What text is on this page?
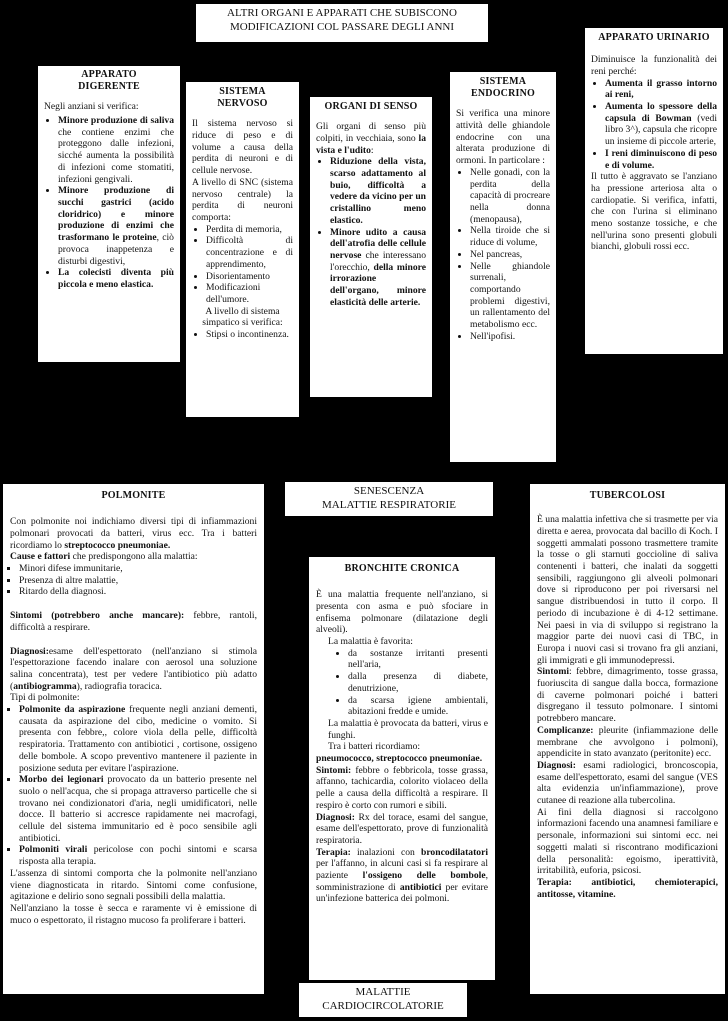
ALTRI ORGANI E APPARATI CHE SUBISCONO
MODIFICAZIONI COL PASSARE DEGLI ANNI
APPARATO
DIGERENTE

Negli anziani si verifica:

• Minore produzione di saliva che contiene enzimi che proteggono dalle infezioni, sicché aumenta la possibilità di infezioni come stomatiti, infezioni gengivali.
• Minore produzione di succhi gastrici (acido cloridrico) e minore produzione di enzimi che trasformano le proteine, ciò provoca inappetenza e disturbi digestivi,
• La colecisti diventa più piccola e meno elastica.
SISTEMA
NERVOSO

Il sistema nervoso si riduce di peso e di volume a causa della perdita di neuroni e di cellule nervose.

A livello di SNC (sistema nervoso centrale) la perdita di neuroni comporta:

• Perdita di memoria,
• Difficoltà di concentrazione e di apprendimento,
• Disorientamento
• Modificazioni dell'umore.

A livello di sistema simpatico si verifica:

• Stipsi o incontinenza.
ORGANI DI SENSO

Gli organi di senso più colpiti, in vecchiaia, sono la vista e l'udito:

• Riduzione della vista, scarso adattamento al buio, difficoltà a vedere da vicino per un cristallino meno elastico.
• Minore udito a causa dell'atrofia delle cellule nervose che interessano l'orecchio, della minore irrorazione dell'organo, minore elasticità delle arterie.
SISTEMA
ENDOCRINO

Si verifica una minore attività delle ghiandole endocrine con una alterata produzione di ormoni. In particolare :

• Nelle gonadi, con la perdita della capacità di procreare nella donna (menopausa),
• Nella tiroide che si riduce di volume,
• Nel pancreas,
• Nelle ghiandole surrenali, comportando problemi digestivi, un rallentamento del metabolismo ecc.
• Nell'ipofisi.
APPARATO URINARIO

Diminuisce la funzionalità dei reni perché:

• Aumenta il grasso intorno ai reni,
• Aumenta lo spessore della capsula di Bowman (vedi libro 3^), capsula che ricopre un insieme di piccole arterie,
• I reni diminuiscono di peso e di volume.

Il tutto è aggravato se l'anziano ha pressione arteriosa alta o cardiopatie. Si verifica, infatti, che con l'urina si eliminano meno sostanze tossiche, e che nell'urina sono presenti globuli bianchi, globuli rossi ecc.

SENESCENZA
MALATTIE RESPIRATORIE
POLMONITE

Con polmonite noi indichiamo diversi tipi di infiammazioni polmonari provocati da batteri, virus ecc. Tra i batteri ricordiamo lo streptococco pneumoniae.

Cause e fattori che predispongono alla malattia:

▪ Minori difese immunitarie,
▪ Presenza di altre malattie,
▪ Ritardo della diagnosi.

Sintomi (potrebbero anche mancare): febbre, rantoli, difficoltà a respirare.

Diagnosi:esame dell'espettorato (nell'anziano si stimola l'espettorazione facendo inalare con aerosol una soluzione salina concentrata), test per vedere l'antibiotico più adatto (antibiogramma), radiografia toracica.

Tipi di polmonite:

▪ Polmonite da aspirazione frequente negli anziani dementi, causata da aspirazione del cibo, medicine o vomito. Si presenta con febbre,, colore viola della pelle, difficoltà respiratoria. Trattamento con antibiotici , cortisone, ossigeno delle bombole. A scopo preventivo mantenere il paziente in posizione seduta per evitare l'aspirazione.
▪ Morbo dei legionari provocato da un batterio presente nel suolo o nell'acqua, che si propaga attraverso particelle che si trovano nei condizionatori d'aria, negli umidificatori, nelle docce. Il batterio si accresce rapidamente nei macrofagi, cellule del sistema immunitario ed è poco sensibile agli antibiotici.
▪ Polmoniti virali pericolose con pochi sintomi e scarsa risposta alla terapia.

L'assenza di sintomi comporta che la polmonite nell'anziano viene diagnosticata in ritardo. Sintomi come confusione, agitazione e delirio sono segnali possibili della malattia.

Nell'anziano la tosse è secca e raramente vi è emissione di muco o espettorato, il ristagno mucoso fa proliferare i batteri.

BRONCHITE CRONICA

È una malattia frequente nell'anziano, si presenta con asma e può sfociare in enfisema polmonare (dilatazione degli alveoli).

La malattia è favorita:

• da sostanze irritanti presenti nell'aria,
• dalla presenza di diabete, denutrizione,
• da scarsa igiene ambientali, abitazioni fredde e umide.

La malattia è provocata da batteri, virus e funghi.

Tra i batteri ricordiamo:

pneumococco, streptococco pneumoniae.

Sintomi: febbre o febbricola, tosse grassa, affanno, tachicardia, colorito violaceo della pelle a causa della difficoltà a respirare. Il respiro è corto con rumori e sibili.

Diagnosi: Rx del torace, esami del sangue, esame dell'espettorato, prove di funzionalità respiratoria.

Terapia: inalazioni con broncodilatatori per l'affanno, in alcuni casi si fa respirare al paziente l'ossigeno delle bombole, somministrazione di antibiotici per evitare un'infezione batterica dei polmoni.

TUBERCOLOSI

È una malattia infettiva che si trasmette per via diretta e aerea, provocata dal bacillo di Koch. I soggetti ammalati possono trasmettere tramite la tosse o gli starnuti goccioline di saliva contenenti i batteri, che inalati da soggetti sensibili, raggiungono gli alveoli polmonari dove si riproducono per poi riversarsi nel sangue distribuendosi in tutto il corpo. Il periodo di incubazione è di 4-12 settimane. Nei paesi in via di sviluppo si registrano la maggior parte dei nuovi casi di TBC, in Europa i nuovi casi si trovano fra gli anziani, gli immigrati e gli immunodepressi.

Sintomi: febbre, dimagrimento, tosse grassa, fuoriuscita di sangue dalla bocca, formazione di caverne polmonari poiché i batteri disgregano il tessuto polmonare. I sintomi potrebbero mancare.

Complicanze: pleurite (infiammazione delle membrane che avvolgono i polmoni), appendicite in stato avanzato (peritonite) ecc.

Diagnosi: esami radiologici, broncoscopia, esame dell'espettorato, esami del sangue (VES alta evidenzia un'infiammazione), prove cutanee di reazione alla tubercolina.

Ai fini della diagnosi si raccolgono informazioni facendo una anamnesi familiare e personale, informazioni sui sintomi ecc. nei soggetti malati si riscontrano modificazioni della personalità: egoismo, iperattività, irritabilità, euforia, psicosi.

Terapia: antibiotici, chemioterapici, antitosse, vitamine.

MALATTIE
CARDIOCIRCOLATORIE
